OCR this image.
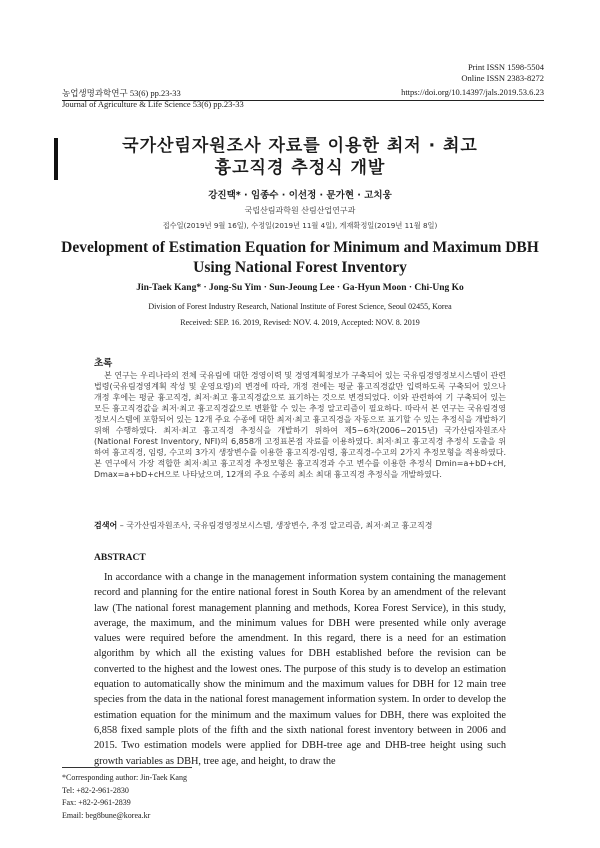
Print ISSN 1598-5504
Online ISSN 2383-8272
농업생명과학연구 53(6) pp.23-33	https://doi.org/10.14397/jals.2019.53.6.23
Journal of Agriculture & Life Science 53(6) pp.23-33
국가산림자원조사 자료를 이용한 최저 · 최고
흉고직경 추정식 개발
강진택* · 임종수 · 이선정 · 문가현 · 고치웅
국립산림과학원 산림산업연구과
접수일(2019년 9월 16일), 수정일(2019년 11월 4일), 게재확정일(2019년 11월 8일)
Development of Estimation Equation for Minimum and Maximum DBH
Using National Forest Inventory
Jin-Taek Kang* · Jong-Su Yim · Sun-Jeoung Lee · Ga-Hyun Moon · Chi-Ung Ko
Division of Forest Industry Research, National Institute of Forest Science, Seoul 02455, Korea
Received: SEP. 16. 2019, Revised: NOV. 4. 2019, Accepted: NOV. 8. 2019
초록
본 연구는 우리나라의 전체 국유림에 대한 경영이력 및 경영계획정보가 구축되어 있는 국유림경영정보시스템이 관련 법령(국유림경영계획 작성 및 운영요령)의 변경에 따라, 개정 전에는 평균 흉고직경값만 입력하도록 구축되어 있으나 개정 후에는 평균 흉고직경, 최저·최고 흉고직경값으로 표기하는 것으로 변경되었다. 이와 관련하여 기 구축되어 있는 모든 흉고직경값을 최저·최고 흉고직경값으로 변환할 수 있는 추정 알고리즘이 필요하다. 따라서 본 연구는 국유림경영정보시스템에 포함되어 있는 12개 주요 수종에 대한 최저·최고 흉고직경을 자동으로 표기할 수 있는 추정식을 개발하기 위해 수행하였다. 최저·최고 흉고직경 추정식을 개발하기 위하여 제5~6차(2006~2015년) 국가산림자원조사(National Forest Inventory, NFI)의 6,858개 고정표본점 자료를 이용하였다. 최저·최고 흉고직경 추정식 도출을 위하여 흉고직경, 임령, 수고의 3가지 생장변수를 이용한 흉고직경-임령, 흉고직경-수고의 2가지 추정모형을 적용하였다. 본 연구에서 가장 적합한 최저·최고 흉고직경 추정모형은 흉고직경과 수고 변수를 이용한 추정식 Dmin=a+bD+cH, Dmax=a+bD+cH으로 나타났으며, 12개의 주요 수종의 최소 최대 흉고직경 추정식을 개발하였다.
검색어 – 국가산림자원조사, 국유림경영정보시스템, 생장변수, 추정 알고리즘, 최저·최고 흉고직경
ABSTRACT
In accordance with a change in the management information system containing the management record and planning for the entire national forest in South Korea by an amendment of the relevant law (The national forest management planning and methods, Korea Forest Service), in this study, average, the maximum, and the minimum values for DBH were presented while only average values were required before the amendment. In this regard, there is a need for an estimation algorithm by which all the existing values for DBH established before the revision can be converted to the highest and the lowest ones. The purpose of this study is to develop an estimation equation to automatically show the minimum and the maximum values for DBH for 12 main tree species from the data in the national forest management information system. In order to develop the estimation equation for the minimum and the maximum values for DBH, there was exploited the 6,858 fixed sample plots of the fifth and the sixth national forest inventory between in 2006 and 2015. Two estimation models were applied for DBH-tree age and DHB-tree height using such growth variables as DBH, tree age, and height, to draw the
*Corresponding author: Jin-Taek Kang
Tel: +82-2-961-2830
Fax: +82-2-961-2839
Email: beg8bune@korea.kr
